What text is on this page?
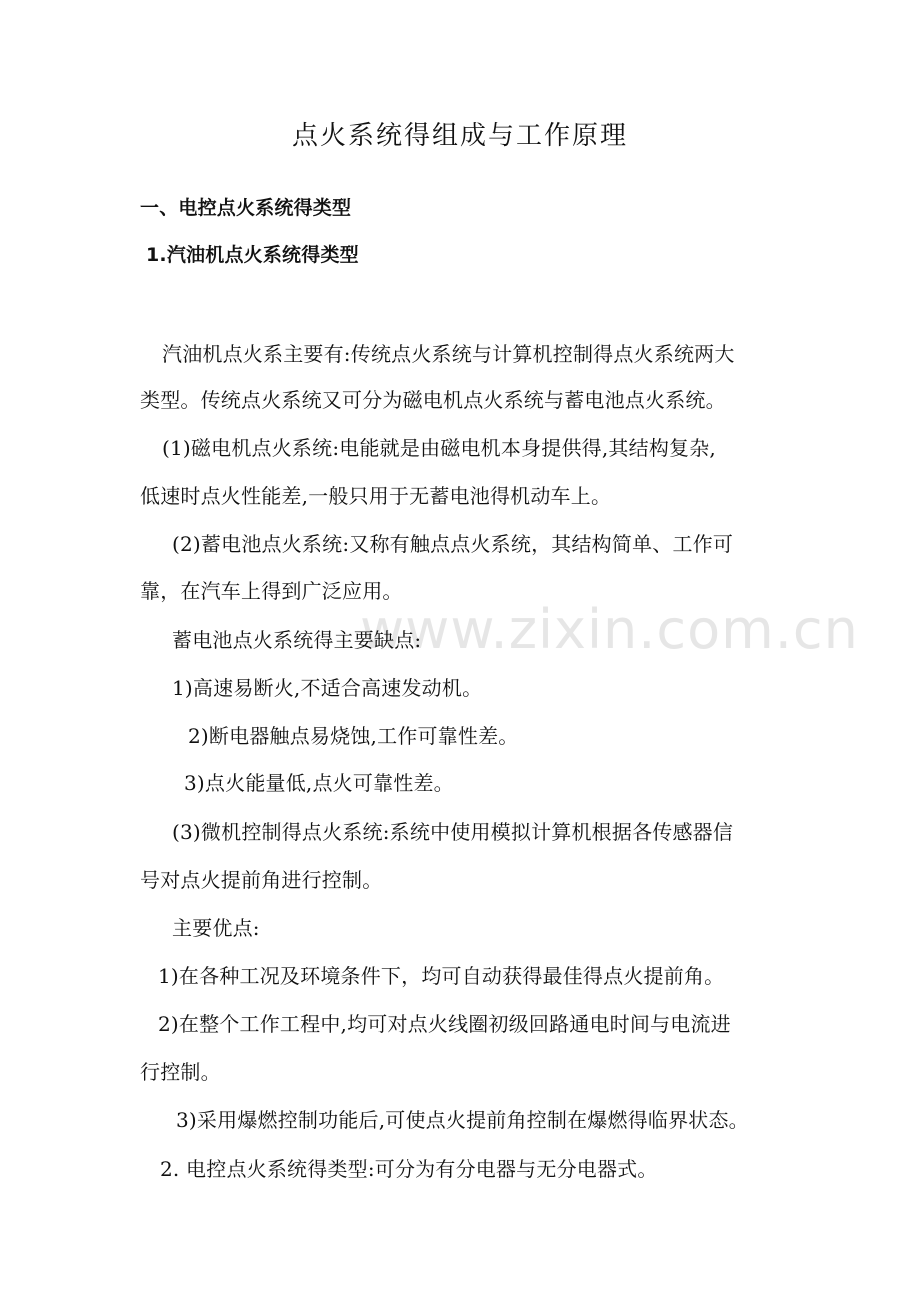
www.zixin.com.cn
点火系统得组成与工作原理
一、电控点火系统得类型
1.汽油机点火系统得类型
汽油机点火系主要有:传统点火系统与计算机控制得点火系统两大
类型。传统点火系统又可分为磁电机点火系统与蓄电池点火系统。
(1)磁电机点火系统:电能就是由磁电机本身提供得,其结构复杂,
低速时点火性能差,一般只用于无蓄电池得机动车上。
(2)蓄电池点火系统:又称有触点点火系统，其结构简单、工作可
靠，在汽车上得到广泛应用。
蓄电池点火系统得主要缺点:
1)高速易断火,不适合高速发动机。
2)断电器触点易烧蚀,工作可靠性差。
3)点火能量低,点火可靠性差。
(3)微机控制得点火系统:系统中使用模拟计算机根据各传感器信
号对点火提前角进行控制。
主要优点:
1)在各种工况及环境条件下，均可自动获得最佳得点火提前角。
2)在整个工作工程中,均可对点火线圈初级回路通电时间与电流进
行控制。
3)采用爆燃控制功能后,可使点火提前角控制在爆燃得临界状态。
2. 电控点火系统得类型:可分为有分电器与无分电器式。
